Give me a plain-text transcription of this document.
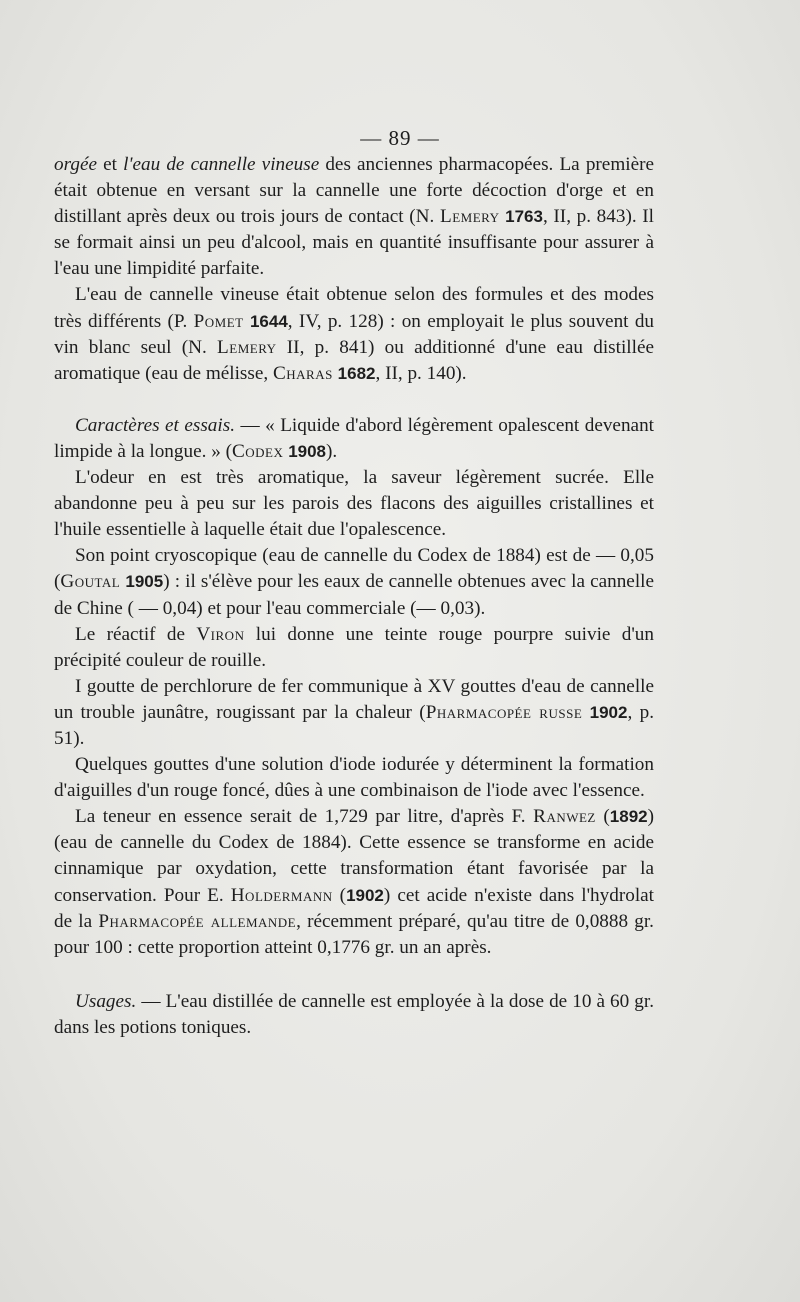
— 89 —

orgée et l'eau de cannelle vineuse des anciennes pharmacopées. La première était obtenue en versant sur la cannelle une forte décoction d'orge et en distillant après deux ou trois jours de contact (N. Lemery 1763, II, p. 843). Il se formait ainsi un peu d'alcool, mais en quantité insuffisante pour assurer à l'eau une limpidité parfaite.

L'eau de cannelle vineuse était obtenue selon des formules et des modes très différents (P. Pomet 1644, IV, p. 128) : on employait le plus souvent du vin blanc seul (N. Lemery II, p. 841) ou additionné d'une eau distillée aromatique (eau de mélisse, Charas 1682, II, p. 140).

Caractères et essais. — « Liquide d'abord légèrement opalescent devenant limpide à la longue. » (Codex 1908).

L'odeur en est très aromatique, la saveur légèrement sucrée. Elle abandonne peu à peu sur les parois des flacons des aiguilles cristallines et l'huile essentielle à laquelle était due l'opalescence.

Son point cryoscopique (eau de cannelle du Codex de 1884) est de — 0,05 (Goutal 1905) : il s'élève pour les eaux de cannelle obtenues avec la cannelle de Chine ( — 0,04) et pour l'eau commerciale (— 0,03).

Le réactif de Viron lui donne une teinte rouge pourpre suivie d'un précipité couleur de rouille.

I goutte de perchlorure de fer communique à XV gouttes d'eau de cannelle un trouble jaunâtre, rougissant par la chaleur (Pharmacopée russe 1902, p. 51).

Quelques gouttes d'une solution d'iode iodurée y déterminent la formation d'aiguilles d'un rouge foncé, dûes à une combinaison de l'iode avec l'essence.

La teneur en essence serait de 1,729 par litre, d'après F. Ranwez (1892) (eau de cannelle du Codex de 1884). Cette essence se transforme en acide cinnamique par oxydation, cette transformation étant favorisée par la conservation. Pour E. Holdermann (1902) cet acide n'existe dans l'hydrolat de la Pharmacopée allemande, récemment préparé, qu'au titre de 0,0888 gr. pour 100 : cette proportion atteint 0,1776 gr. un an après.

Usages. — L'eau distillée de cannelle est employée à la dose de 10 à 60 gr. dans les potions toniques.
